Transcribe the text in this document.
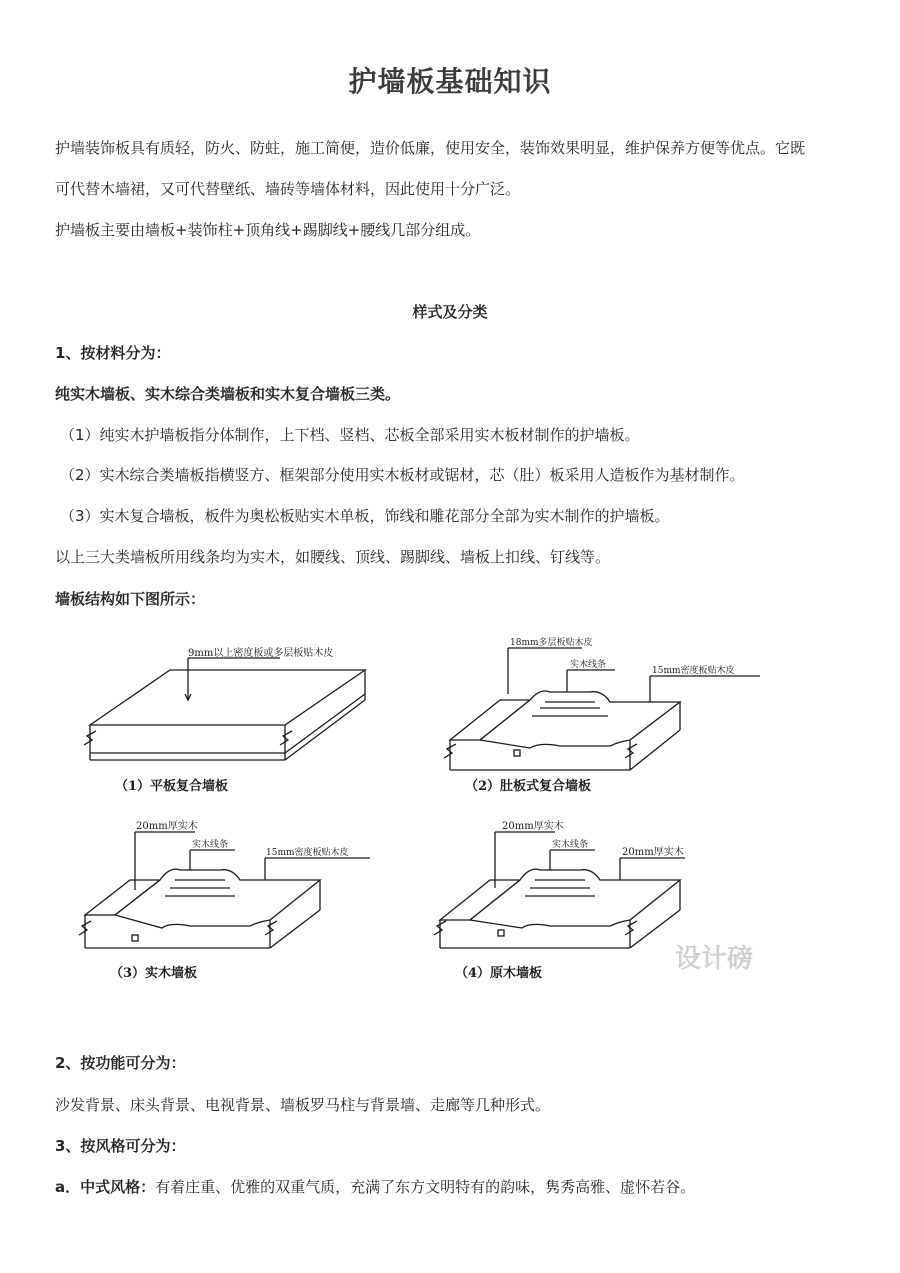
护墙板基础知识
护墙装饰板具有质轻，防火、防蛀，施工简便，造价低廉，使用安全，装饰效果明显，维护保养方便等优点。它既
可代替木墙裙，又可代替壁纸、墙砖等墙体材料，因此使用十分广泛。
护墙板主要由墙板+装饰柱+顶角线+踢脚线+腰线几部分组成。
样式及分类
1、按材料分为：
纯实木墙板、实木综合类墙板和实木复合墙板三类。
（1）纯实木护墙板指分体制作，上下档、竖档、芯板全部采用实木板材制作的护墙板。
（2）实木综合类墙板指横竖方、框架部分使用实木板材或锯材，芯（肚）板采用人造板作为基材制作。
（3）实木复合墙板，板件为奥松板贴实木单板，饰线和雕花部分全部为实木制作的护墙板。
以上三大类墙板所用线条均为实木，如腰线、顶线、踢脚线、墙板上扣线、钉线等。
墙板结构如下图所示：
9mm以上密度板或多层板贴木皮
（1）平板复合墙板
18mm多层板贴木皮
实木线条
15mm密度板贴木皮
（2）肚板式复合墙板
20mm厚实木
实木线条
15mm密度板贴木皮
（3）实木墙板
20mm厚实木
实木线条
20mm厚实木
（4）原木墙板	设计磅
2、按功能可分为：
沙发背景、床头背景、电视背景、墙板罗马柱与背景墙、走廊等几种形式。
3、按风格可分为：
a．中式风格：有着庄重、优雅的双重气质，充满了东方文明特有的韵味，隽秀高雅、虚怀若谷。
